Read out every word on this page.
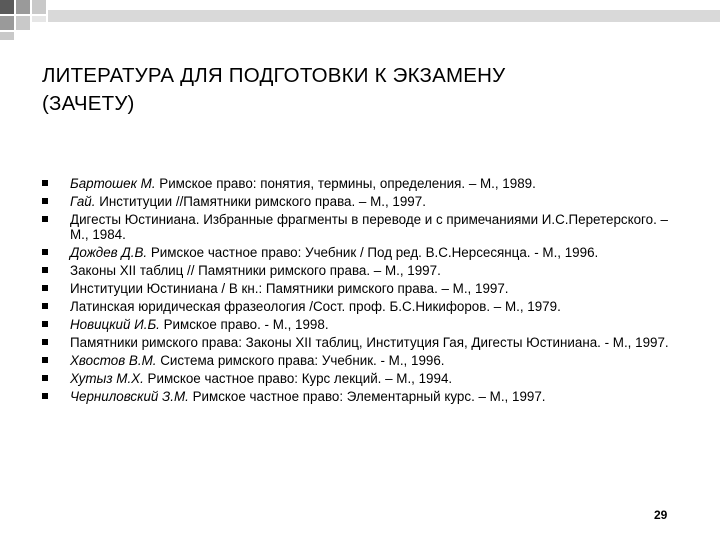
ЛИТЕРАТУРА ДЛЯ ПОДГОТОВКИ К ЭКЗАМЕНУ
(ЗАЧЕТУ)
Бартошек М. Римское право: понятия, термины, определения. – М., 1989.
Гай. Институции //Памятники римского права. – М., 1997.
Дигесты Юстиниана. Избранные фрагменты в переводе и с примечаниями И.С.Перетерского. – М., 1984.
Дождев Д.В. Римское частное право: Учебник / Под ред. В.С.Нерсесянца. ‑ М., 1996.
Законы XII таблиц // Памятники римского права. – М., 1997.
Институции Юстиниана / В кн.: Памятники римского права. – М., 1997.
Латинская юридическая фразеология /Сост. проф. Б.С.Никифоров. – М., 1979.
Новицкий И.Б. Римское право. ‑ М., 1998.
Памятники римского права: Законы XII таблиц, Институция Гая, Дигесты Юстиниана. ‑ М., 1997.
Хвостов В.М. Система римского права: Учебник. ‑ М., 1996.
Хутыз М.Х. Римское частное право: Курс лекций. – М., 1994.
Черниловский З.М. Римское частное право: Элементарный курс. – М., 1997.
29
